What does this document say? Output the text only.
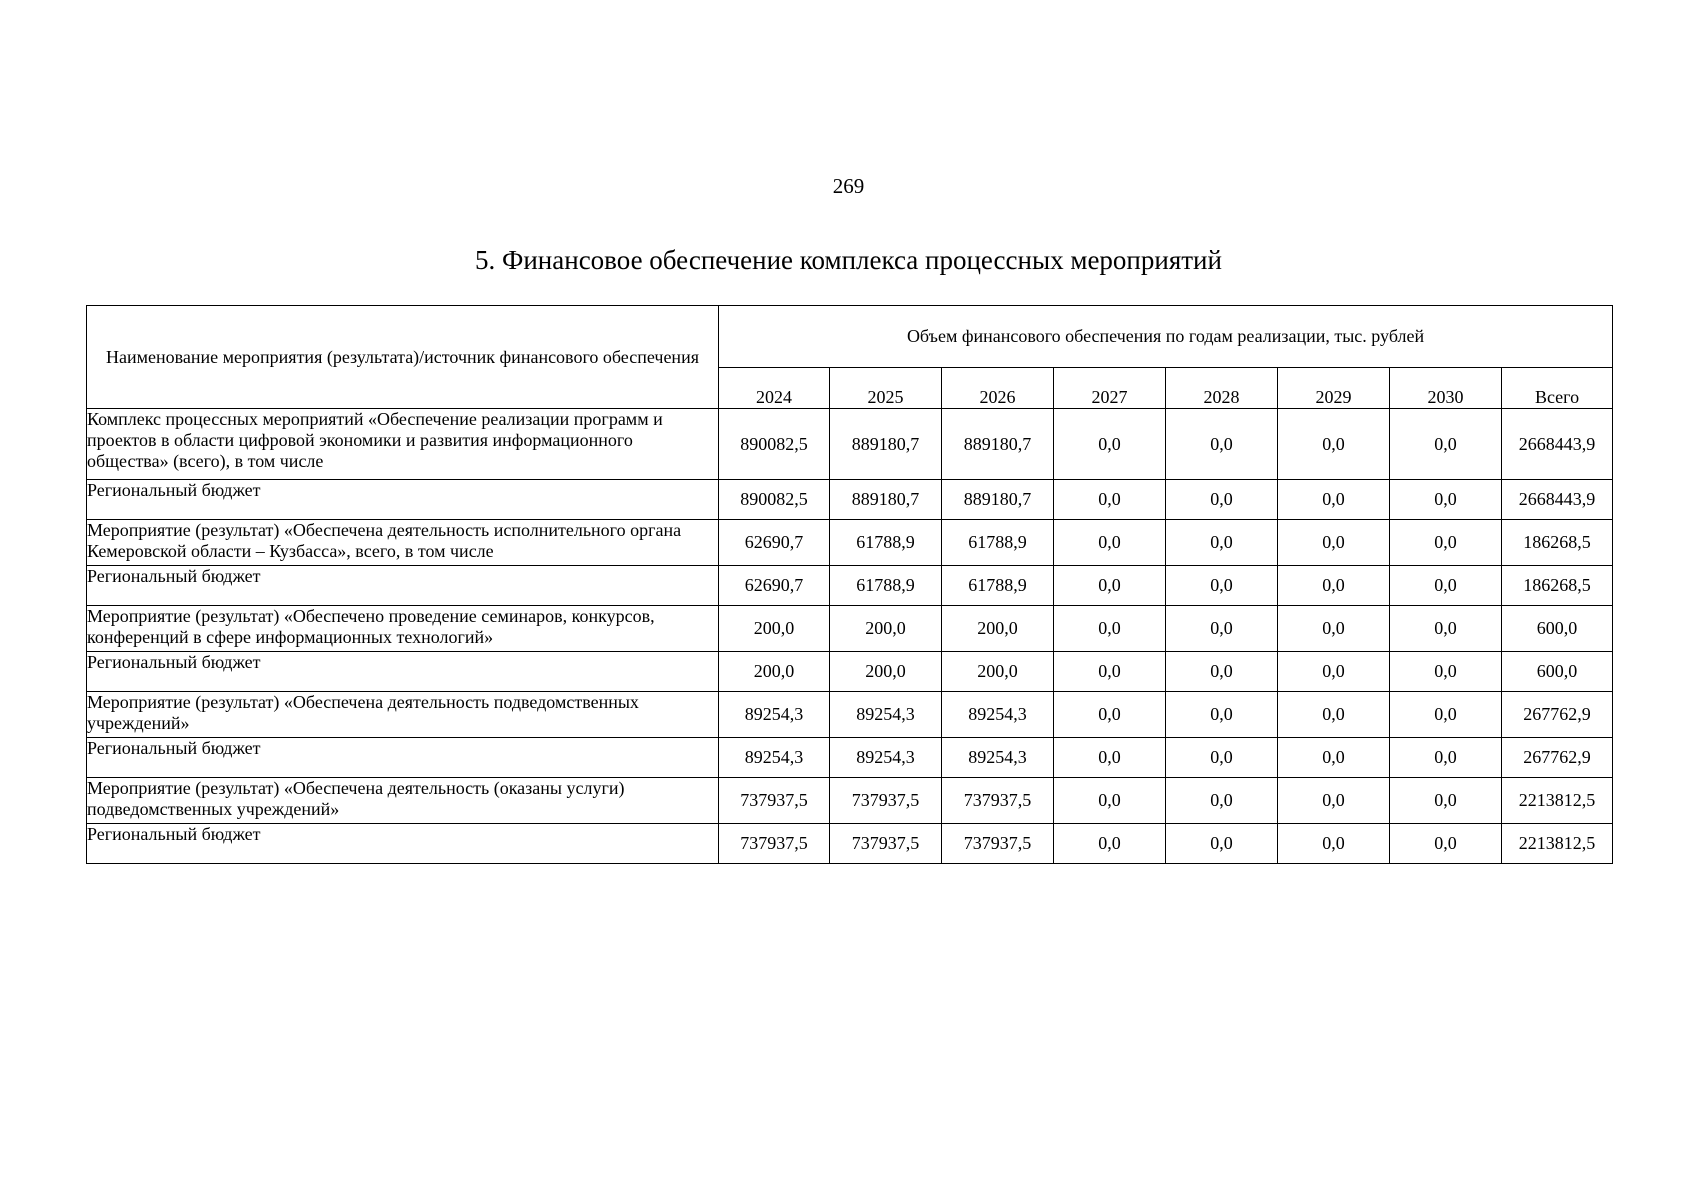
269
5. Финансовое обеспечение комплекса процессных мероприятий
Наименование мероприятия (результата)/источник финансового обеспечения	Объем финансового обеспечения по годам реализации, тыс. рублей							
	2024	2025	2026	2027	2028	2029	2030	Всего
Комплекс процессных мероприятий «Обеспечение реализации программ и проектов в области цифровой экономики и развития информационного общества» (всего), в том числе	890082,5	889180,7	889180,7	0,0	0,0	0,0	0,0	2668443,9
Региональный бюджет	890082,5	889180,7	889180,7	0,0	0,0	0,0	0,0	2668443,9
Мероприятие (результат) «Обеспечена деятельность исполнительного органа Кемеровской области – Кузбасса», всего, в том числе	62690,7	61788,9	61788,9	0,0	0,0	0,0	0,0	186268,5
Региональный бюджет	62690,7	61788,9	61788,9	0,0	0,0	0,0	0,0	186268,5
Мероприятие (результат) «Обеспечено проведение семинаров, конкурсов, конференций в сфере информационных технологий»	200,0	200,0	200,0	0,0	0,0	0,0	0,0	600,0
Региональный бюджет	200,0	200,0	200,0	0,0	0,0	0,0	0,0	600,0
Мероприятие (результат) «Обеспечена деятельность подведомственных учреждений»	89254,3	89254,3	89254,3	0,0	0,0	0,0	0,0	267762,9
Региональный бюджет	89254,3	89254,3	89254,3	0,0	0,0	0,0	0,0	267762,9
Мероприятие (результат) «Обеспечена деятельность (оказаны услуги) подведомственных учреждений»	737937,5	737937,5	737937,5	0,0	0,0	0,0	0,0	2213812,5
Региональный бюджет	737937,5	737937,5	737937,5	0,0	0,0	0,0	0,0	2213812,5
